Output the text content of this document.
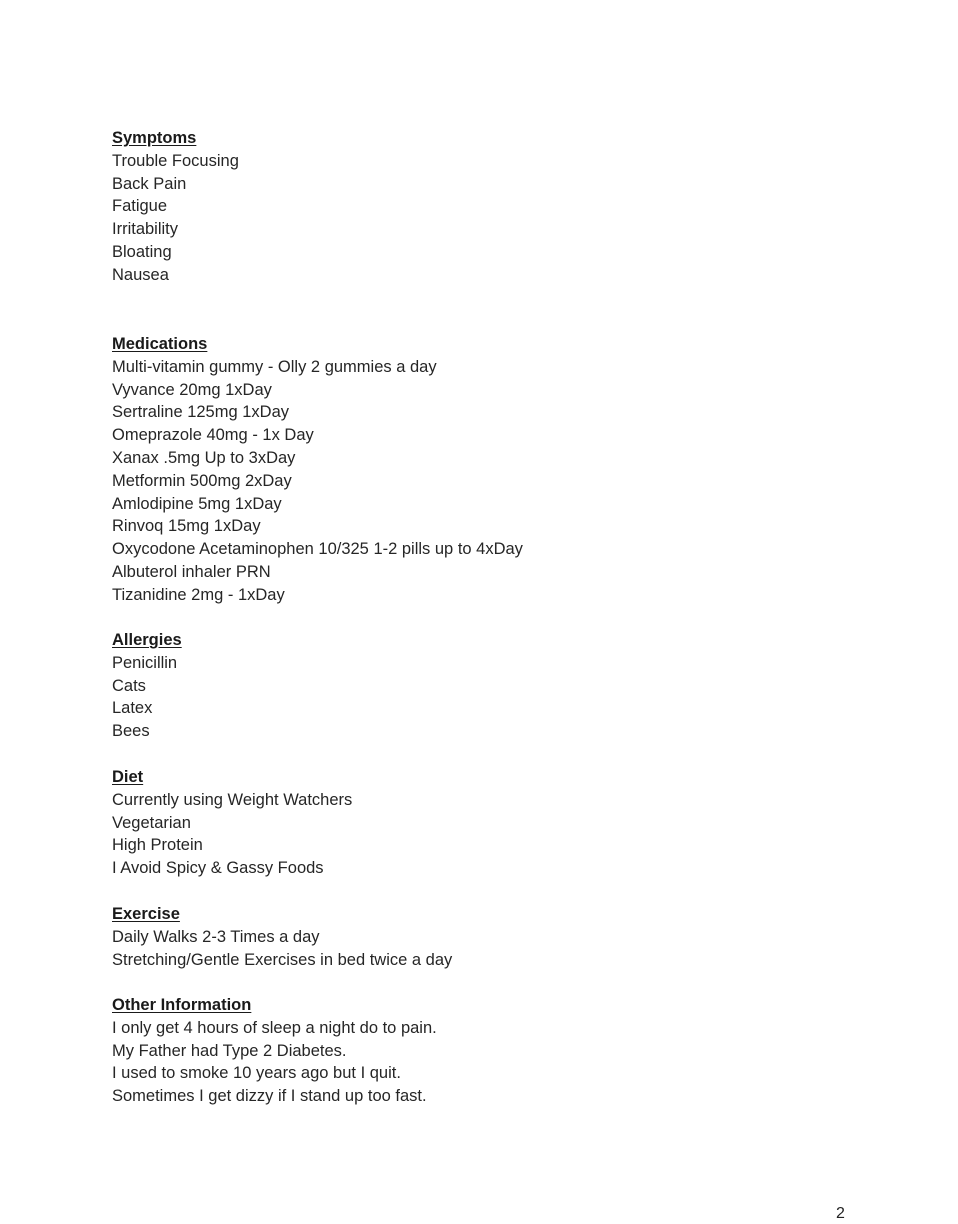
Symptoms
Trouble Focusing
Back Pain
Fatigue
Irritability
Bloating
Nausea
Medications
Multi-vitamin gummy - Olly 2 gummies a day
Vyvance 20mg 1xDay
Sertraline 125mg 1xDay
Omeprazole 40mg - 1x Day
Xanax .5mg Up to 3xDay
Metformin 500mg 2xDay
Amlodipine 5mg 1xDay
Rinvoq 15mg 1xDay
Oxycodone Acetaminophen 10/325 1-2 pills up to 4xDay
Albuterol inhaler PRN
Tizanidine 2mg - 1xDay
Allergies
Penicillin
Cats
Latex
Bees
Diet
Currently using Weight Watchers
Vegetarian
High Protein
I Avoid Spicy & Gassy Foods
Exercise
Daily Walks 2-3 Times a day
Stretching/Gentle Exercises in bed twice a day
Other Information
I only get 4 hours of sleep a night do to pain.
My Father had Type 2 Diabetes.
I used to smoke 10 years ago but I quit.
Sometimes I get dizzy if I stand up too fast.
2
